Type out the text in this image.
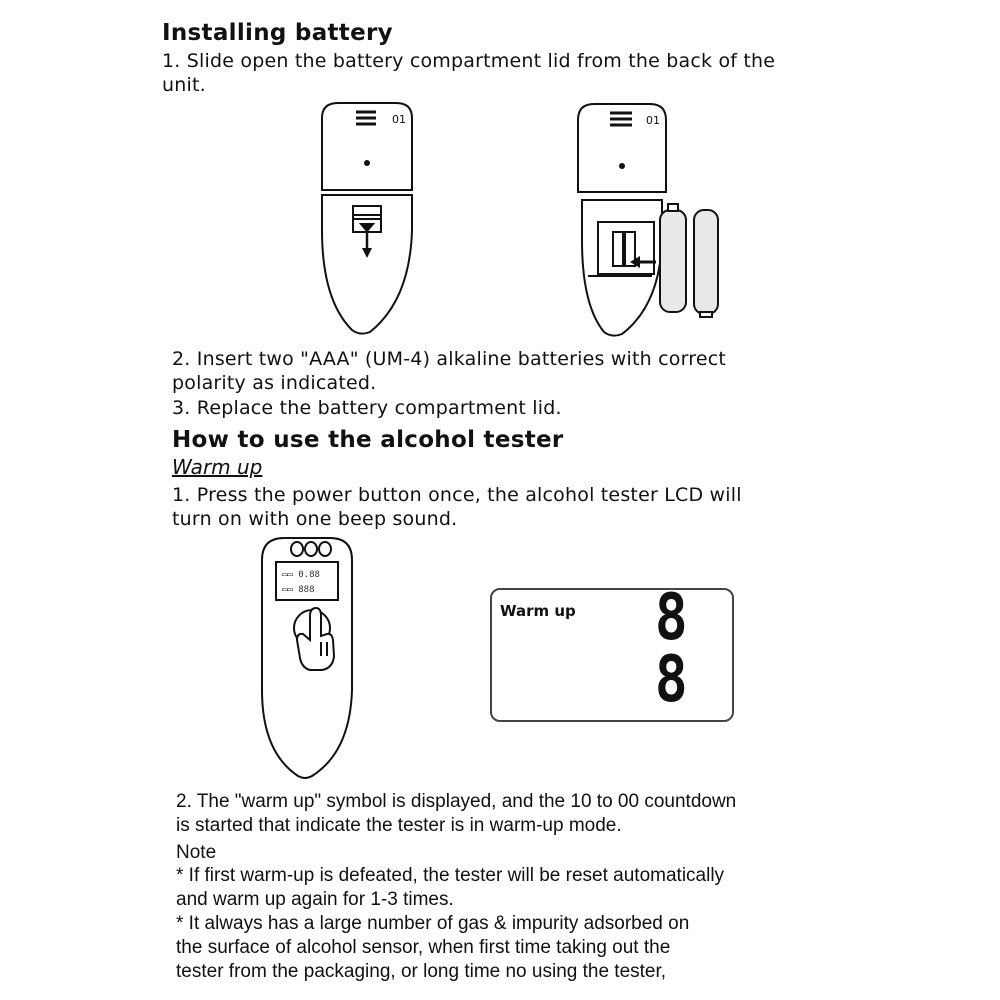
Installing battery
1. Slide open the battery compartment lid from the back of the
unit.
01	01
2. Insert two "AAA" (UM-4) alkaline batteries with correct
polarity as indicated.
3. Replace the battery compartment lid.
How to use the alcohol tester
Warm up
1. Press the power button once, the alcohol tester LCD will
turn on with one beep sound.
▭▭ 0.88
▭▭ 888
Warm up 8
8
2. The "warm up" symbol is displayed, and the 10 to 00 countdown
is started that indicate the tester is in warm-up mode.
Note
* If first warm-up is defeated, the tester will be reset automatically
and warm up again for 1-3 times.
* It always has a large number of gas & impurity adsorbed on
the surface of alcohol sensor, when first time taking out the
tester from the packaging, or long time no using the tester,
